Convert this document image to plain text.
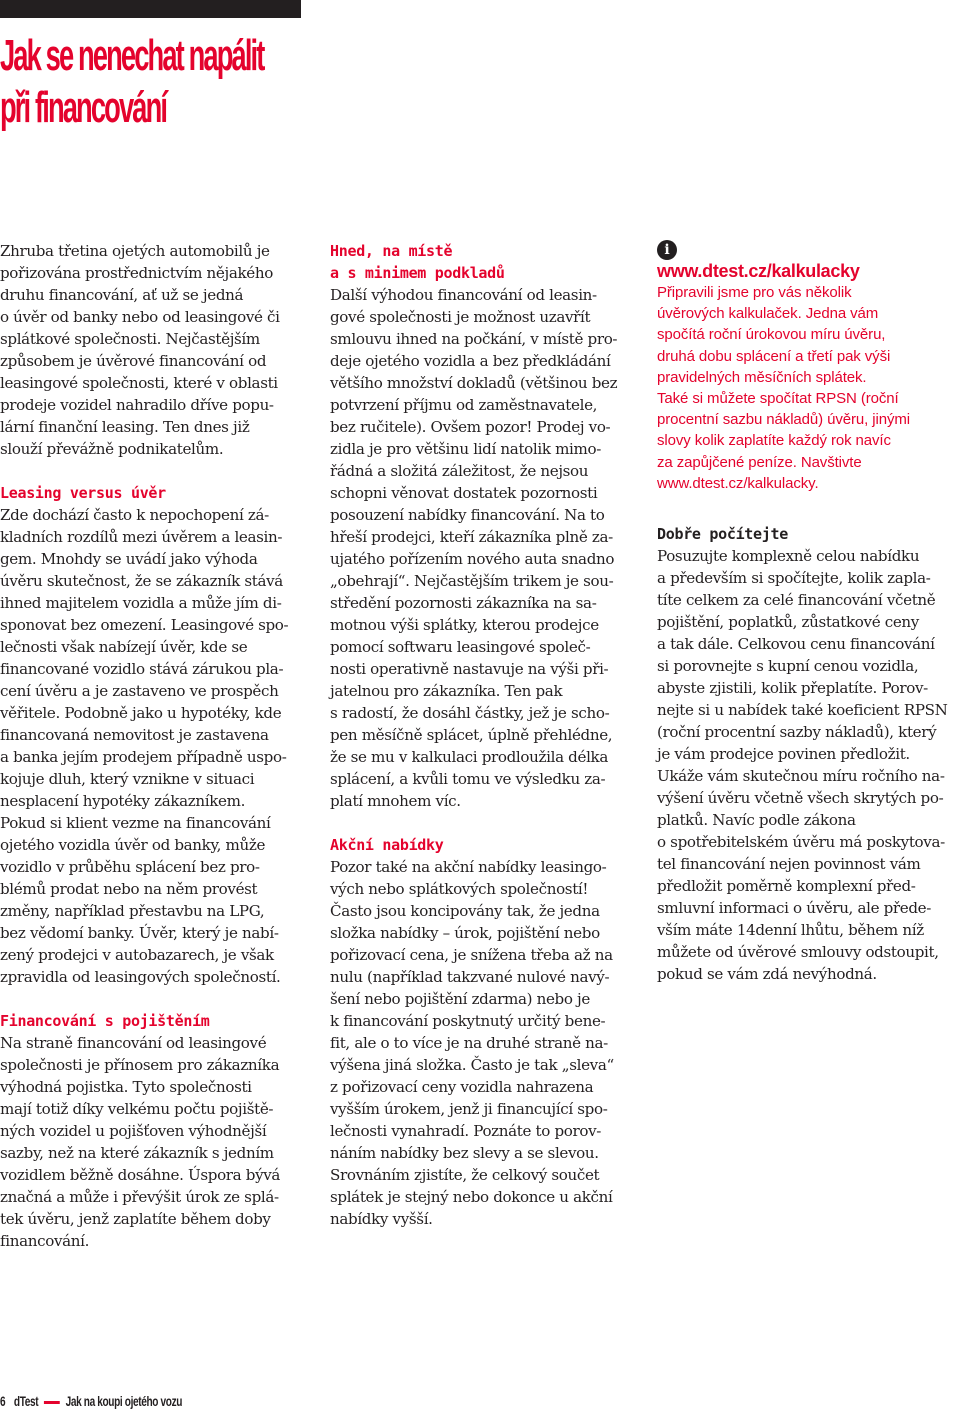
Jak se nenechat napálit
při financování

Zhruba třetina ojetých automobilů je
pořizována prostřednictvím nějakého
druhu financování, ať už se jedná
o úvěr od banky nebo od leasingové či
splátkové společnosti. Nejčastějším
způsobem je úvěrové financování od
leasingové společnosti, které v oblasti
prodeje vozidel nahradilo dříve popu-
lární finanční leasing. Ten dnes již
slouží převážně podnikatelům.

Leasing versus úvěr

Zde dochází často k nepochopení zá-
kladních rozdílů mezi úvěrem a leasin-
gem. Mnohdy se uvádí jako výhoda
úvěru skutečnost, že se zákazník stává
ihned majitelem vozidla a může jím di-
sponovat bez omezení. Leasingové spo-
lečnosti však nabízejí úvěr, kde se
financované vozidlo stává zárukou pla-
cení úvěru a je zastaveno ve prospěch
věřitele. Podobně jako u hypotéky, kde
financovaná nemovitost je zastavena
a banka jejím prodejem případně uspo-
kojuje dluh, který vznikne v situaci
nesplacení hypotéky zákazníkem.
Pokud si klient vezme na financování
ojetého vozidla úvěr od banky, může
vozidlo v průběhu splácení bez pro-
blémů prodat nebo na něm provést
změny, například přestavbu na LPG,
bez vědomí banky. Úvěr, který je nabí-
zený prodejci v autobazarech, je však
zpravidla od leasingových společností.

Financování s pojištěním

Na straně financování od leasingové
společnosti je přínosem pro zákazníka
výhodná pojistka. Tyto společnosti
mají totiž díky velkému počtu pojiště-
ných vozidel u pojišťoven výhodnější
sazby, než na které zákazník s jedním
vozidlem běžně dosáhne. Úspora bývá
značná a může i převýšit úrok ze splá-
tek úvěru, jenž zaplatíte během doby
financování.

Hned, na místě
a s minimem podkladů

Další výhodou financování od leasin-
gové společnosti je možnost uzavřít
smlouvu ihned na počkání, v místě pro-
deje ojetého vozidla a bez předkládání
většího množství dokladů (většinou bez
potvrzení příjmu od zaměstnavatele,
bez ručitele). Ovšem pozor! Prodej vo-
zidla je pro většinu lidí natolik mimo-
řádná a složitá záležitost, že nejsou
schopni věnovat dostatek pozornosti
posouzení nabídky financování. Na to
hřeší prodejci, kteří zákazníka plně za-
ujatého pořízením nového auta snadno
„obehrají“. Nejčastějším trikem je sou-
středění pozornosti zákazníka na sa-
motnou výši splátky, kterou prodejce
pomocí softwaru leasingové společ-
nosti operativně nastavuje na výši při-
jatelnou pro zákazníka. Ten pak
s radostí, že dosáhl částky, jež je scho-
pen měsíčně splácet, úplně přehlédne,
že se mu v kalkulaci prodloužila délka
splácení, a kvůli tomu ve výsledku za-
platí mnohem víc.

Akční nabídky

Pozor také na akční nabídky leasingo-
vých nebo splátkových společností!
Často jsou koncipovány tak, že jedna
složka nabídky – úrok, pojištění nebo
pořizovací cena, je snížena třeba až na
nulu (například takzvané nulové navý-
šení nebo pojištění zdarma) nebo je
k financování poskytnutý určitý bene-
fit, ale o to více je na druhé straně na-
výšena jiná složka. Často je tak „sleva“
z pořizovací ceny vozidla nahrazena
vyšším úrokem, jenž ji financující spo-
lečnosti vynahradí. Poznáte to porov-
náním nabídky bez slevy a se slevou.
Srovnáním zjistíte, že celkový součet
splátek je stejný nebo dokonce u akční
nabídky vyšší.

i

www.dtest.cz/kalkulacky

Připravili jsme pro vás několik
úvěrových kalkulaček. Jedna vám
spočítá roční úrokovou míru úvěru,
druhá dobu splácení a třetí pak výši
pravidelných měsíčních splátek.
Také si můžete spočítat RPSN (roční
procentní sazbu nákladů) úvěru, jinými
slovy kolik zaplatíte každý rok navíc
za zapůjčené peníze. Navštivte
www.dtest.cz/kalkulacky.

Dobře počítejte

Posuzujte komplexně celou nabídku
a především si spočítejte, kolik zapla-
títe celkem za celé financování včetně
pojištění, poplatků, zůstatkové ceny
a tak dále. Celkovou cenu financování
si porovnejte s kupní cenou vozidla,
abyste zjistili, kolik přeplatíte. Porov-
nejte si u nabídek také koeficient RPSN
(roční procentní sazby nákladů), který
je vám prodejce povinen předložit.
Ukáže vám skutečnou míru ročního na-
výšení úvěru včetně všech skrytých po-
platků. Navíc podle zákona
o spotřebitelském úvěru má poskytova-
tel financování nejen povinnost vám
předložit poměrně komplexní před-
smluvní informaci o úvěru, ale přede-
vším máte 14denní lhůtu, během níž
můžete od úvěrové smlouvy odstoupit,
pokud se vám zdá nevýhodná.

6 dTest Jak na koupi ojetého vozu
